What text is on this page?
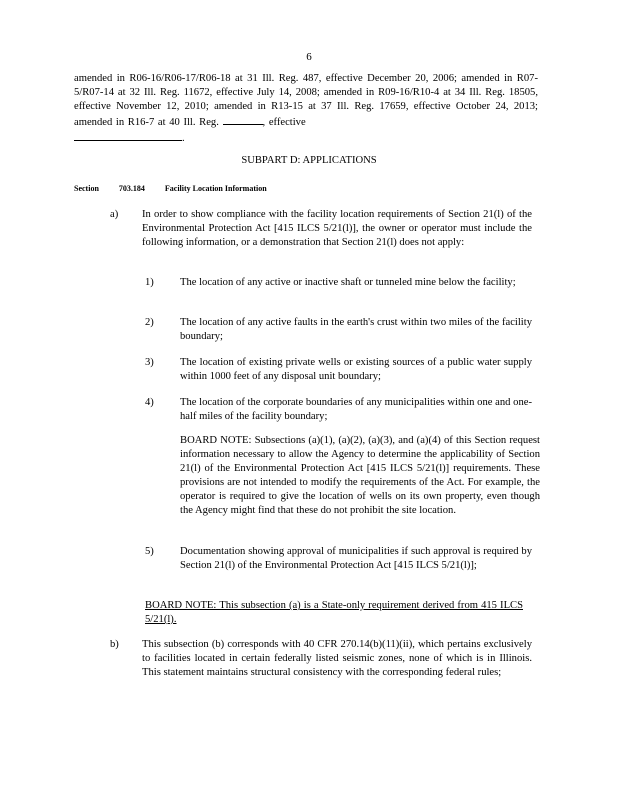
6
amended in R06-16/R06-17/R06-18 at 31 Ill. Reg. 487, effective December 20, 2006; amended in R07-5/R07-14 at 32 Ill. Reg. 11672, effective July 14, 2008; amended in R09-16/R10-4 at 34 Ill. Reg. 18505, effective November 12, 2010; amended in R13-15 at 37 Ill. Reg. 17659, effective October 24, 2013; amended in R16-7 at 40 Ill. Reg.	, effective
.
SUBPART D: APPLICATIONS
Section	703.184	Facility Location Information
a) In order to show compliance with the facility location requirements of Section 21(l) of the Environmental Protection Act [415 ILCS 5/21(l)], the owner or operator must include the following information, or a demonstration that Section 21(l) does not apply:
1) The location of any active or inactive shaft or tunneled mine below the facility;
2) The location of any active faults in the earth's crust within two miles of the facility boundary;
3) The location of existing private wells or existing sources of a public water supply within 1000 feet of any disposal unit boundary;
4) The location of the corporate boundaries of any municipalities within one and one-half miles of the facility boundary;
BOARD NOTE: Subsections (a)(1), (a)(2), (a)(3), and (a)(4) of this Section request information necessary to allow the Agency to determine the applicability of Section 21(l) of the Environmental Protection Act [415 ILCS 5/21(l)] requirements. These provisions are not intended to modify the requirements of the Act. For example, the operator is required to give the location of wells on its own property, even though the Agency might find that these do not prohibit the site location.
5) Documentation showing approval of municipalities if such approval is required by Section 21(l) of the Environmental Protection Act [415 ILCS 5/21(l)];
BOARD NOTE: This subsection (a) is a State-only requirement derived from 415 ILCS 5/21(l).
b) This subsection (b) corresponds with 40 CFR 270.14(b)(11)(ii), which pertains exclusively to facilities located in certain federally listed seismic zones, none of which is in Illinois. This statement maintains structural consistency with the corresponding federal rules;
